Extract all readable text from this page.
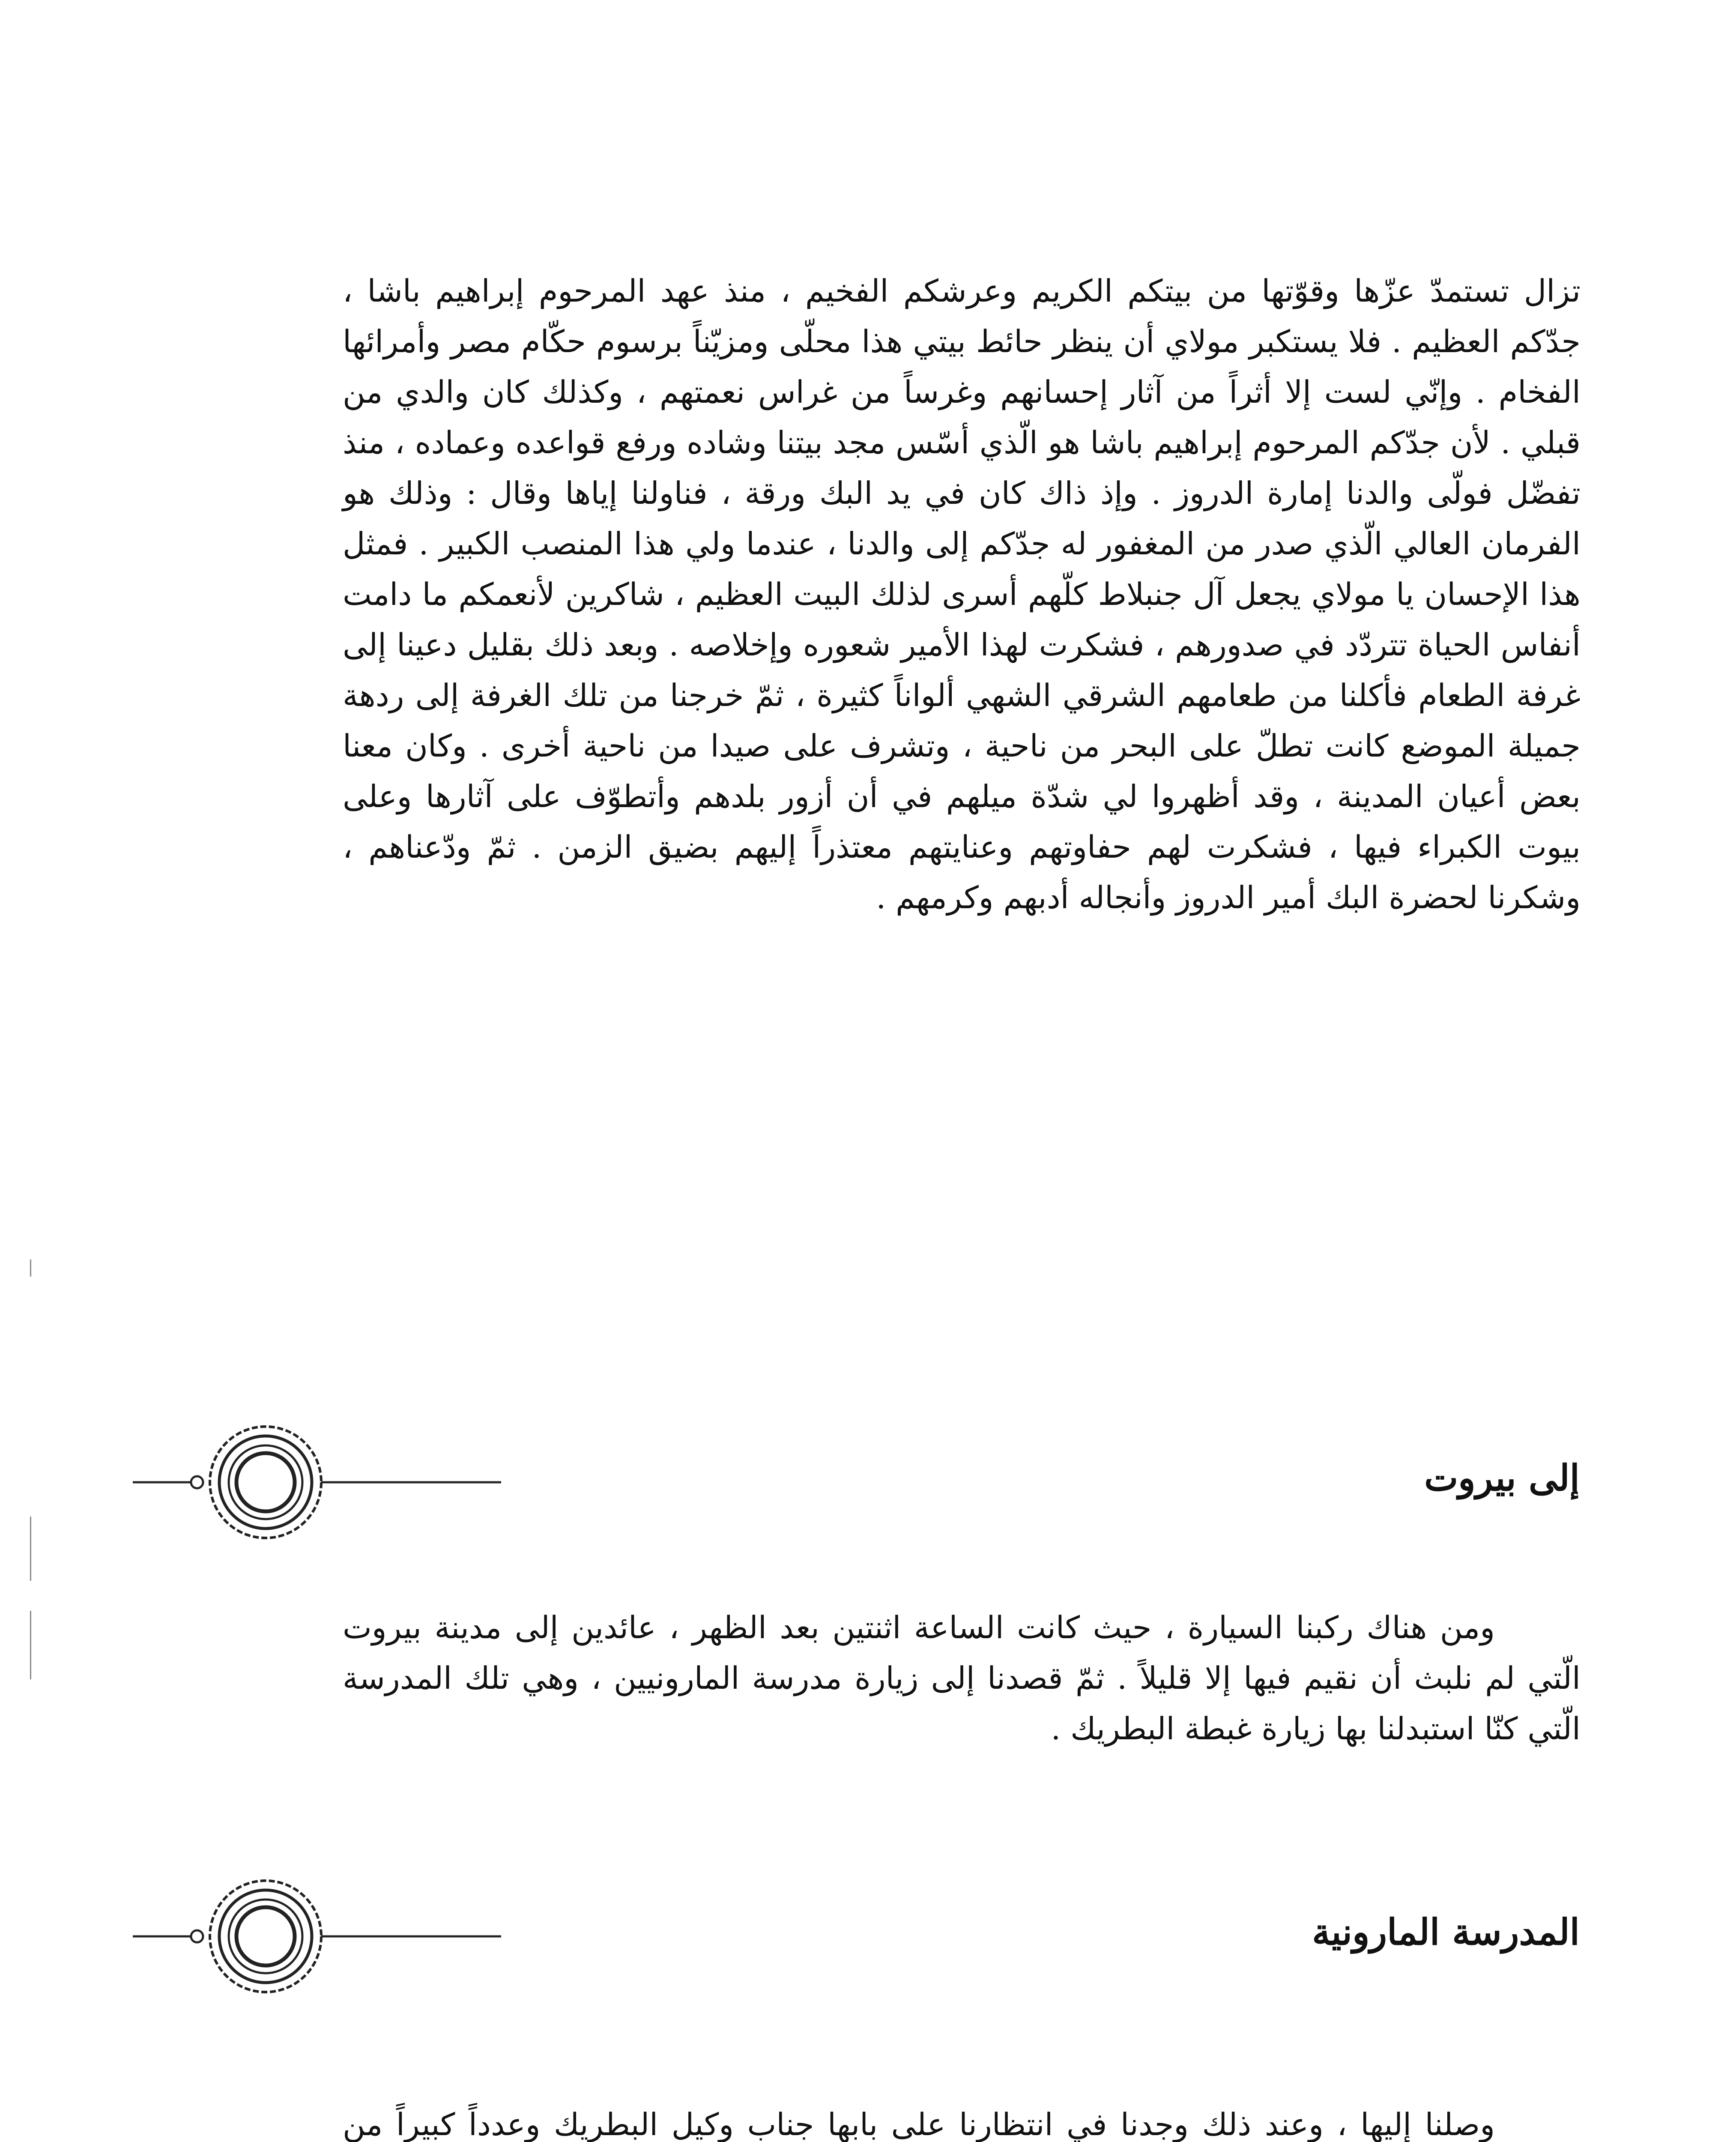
تزال تستمدّ عزّها وقوّتها من بيتكم الكريم وعرشكم الفخيم ، منذ عهد المرحوم إبراهيم باشا ، جدّكم العظيم . فلا يستكبر مولاي أن ينظر حائط بيتي هذا محلّى ومزيّناً برسوم حكّام مصر وأمرائها الفخام . وإنّي لست إلا أثراً من آثار إحسانهم وغرساً من غراس نعمتهم ، وكذلك كان والدي من قبلي . لأن جدّكم المرحوم إبراهيم باشا هو الّذي أسّس مجد بيتنا وشاده ورفع قواعده وعماده ، منذ تفضّل فولّى والدنا إمارة الدروز . وإذ ذاك كان في يد البك ورقة ، فناولنا إياها وقال : وذلك هو الفرمان العالي الّذي صدر من المغفور له جدّكم إلى والدنا ، عندما ولي هذا المنصب الكبير . فمثل هذا الإحسان يا مولاي يجعل آل جنبلاط كلّهم أسرى لذلك البيت العظيم ، شاكرين لأنعمكم ما دامت أنفاس الحياة تتردّد في صدورهم ، فشكرت لهذا الأمير شعوره وإخلاصه . وبعد ذلك بقليل دعينا إلى غرفة الطعام فأكلنا من طعامهم الشرقي الشهي ألواناً كثيرة ، ثمّ خرجنا من تلك الغرفة إلى ردهة جميلة الموضع كانت تطلّ على البحر من ناحية ، وتشرف على صيدا من ناحية أخرى . وكان معنا بعض أعيان المدينة ، وقد أظهروا لي شدّة ميلهم في أن أزور بلدهم وأتطوّف على آثارها وعلى بيوت الكبراء فيها ، فشكرت لهم حفاوتهم وعنايتهم معتذراً إليهم بضيق الزمن . ثمّ ودّعناهم ، وشكرنا لحضرة البك أمير الدروز وأنجاله أدبهم وكرمهم .

إلى بيروت

ومن هناك ركبنا السيارة ، حيث كانت الساعة اثنتين بعد الظهر ، عائدين إلى مدينة بيروت الّتي لم نلبث أن نقيم فيها إلا قليلاً . ثمّ قصدنا إلى زيارة مدرسة المارونيين ، وهي تلك المدرسة الّتي كنّا استبدلنا بها زيارة غبطة البطريك .

المدرسة المارونية

وصلنا إليها ، وعند ذلك وجدنا في انتظارنا على بابها جناب وكيل البطريك وعدداً كبيراً من
